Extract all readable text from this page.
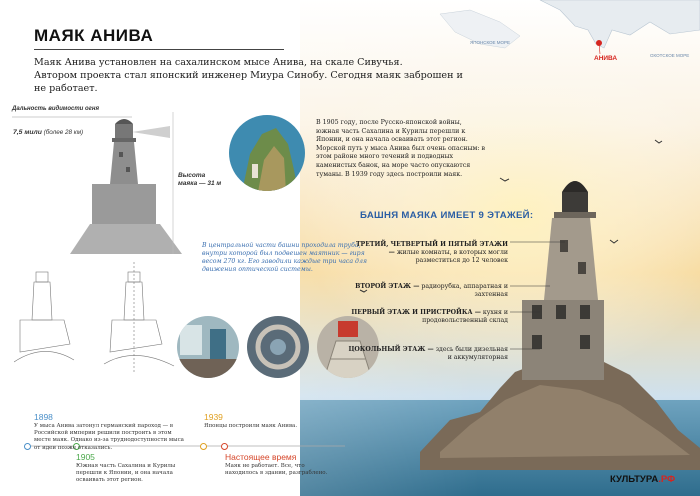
МАЯК АНИВА
Маяк Анива установлен на сахалинском мысе Анива, на скале Сивучья.
Автором проекта стал японский инженер Миура Синобу. Сегодня маяк заброшен и не работает.
Дальность видимости огня
7,5 мили (более 28 км)
Высота
маяка — 31 м
В 1905 году, после Русско-японской войны, южная часть Сахалина и Курилы перешли к Японии, и она начала осваивать этот регион. Морской путь у мыса Анива был очень опасным: в этом районе много течений и подводных каменистых банок, на море часто опускаются туманы. В 1939 году здесь построили маяк.
В центральной части башни проходила труба, внутри которой был подвешен маятник — гиря весом 270 кг. Его заводили каждые три часа для движения оптической системы.
ЯПОНСКОЕ МОРЕ
ОХОТСКОЕ МОРЕ
АНИВА
БАШНЯ МАЯКА ИМЕЕТ 9 ЭТАЖЕЙ:
ТРЕТИЙ, ЧЕТВЕРТЫЙ И ПЯТЫЙ ЭТАЖИ — жилые комнаты, в которых могли разместиться до 12 человек
ВТОРОЙ ЭТАЖ — радиорубка, аппаратная и захтенная
ПЕРВЫЙ ЭТАЖ И ПРИСТРОЙКА — кухня и продовольственный склад
ЦОКОЛЬНЫЙ ЭТАЖ — здесь были дизельная и аккумуляторная
1898
У мыса Анива затонул германский пароход — в Российской империи решили построить в этом месте маяк. Однако из-за труднодоступности мыса от идеи позже отказались.
1905
Южная часть Сахалина и Курилы перешли к Японии, и она начала осваивать этот регион.
1939
Японцы построили маяк Анива.
Настоящее время
Маяк не работает. Все, что находилось в здании, разграблено.
КУЛЬТУРА.РФ
